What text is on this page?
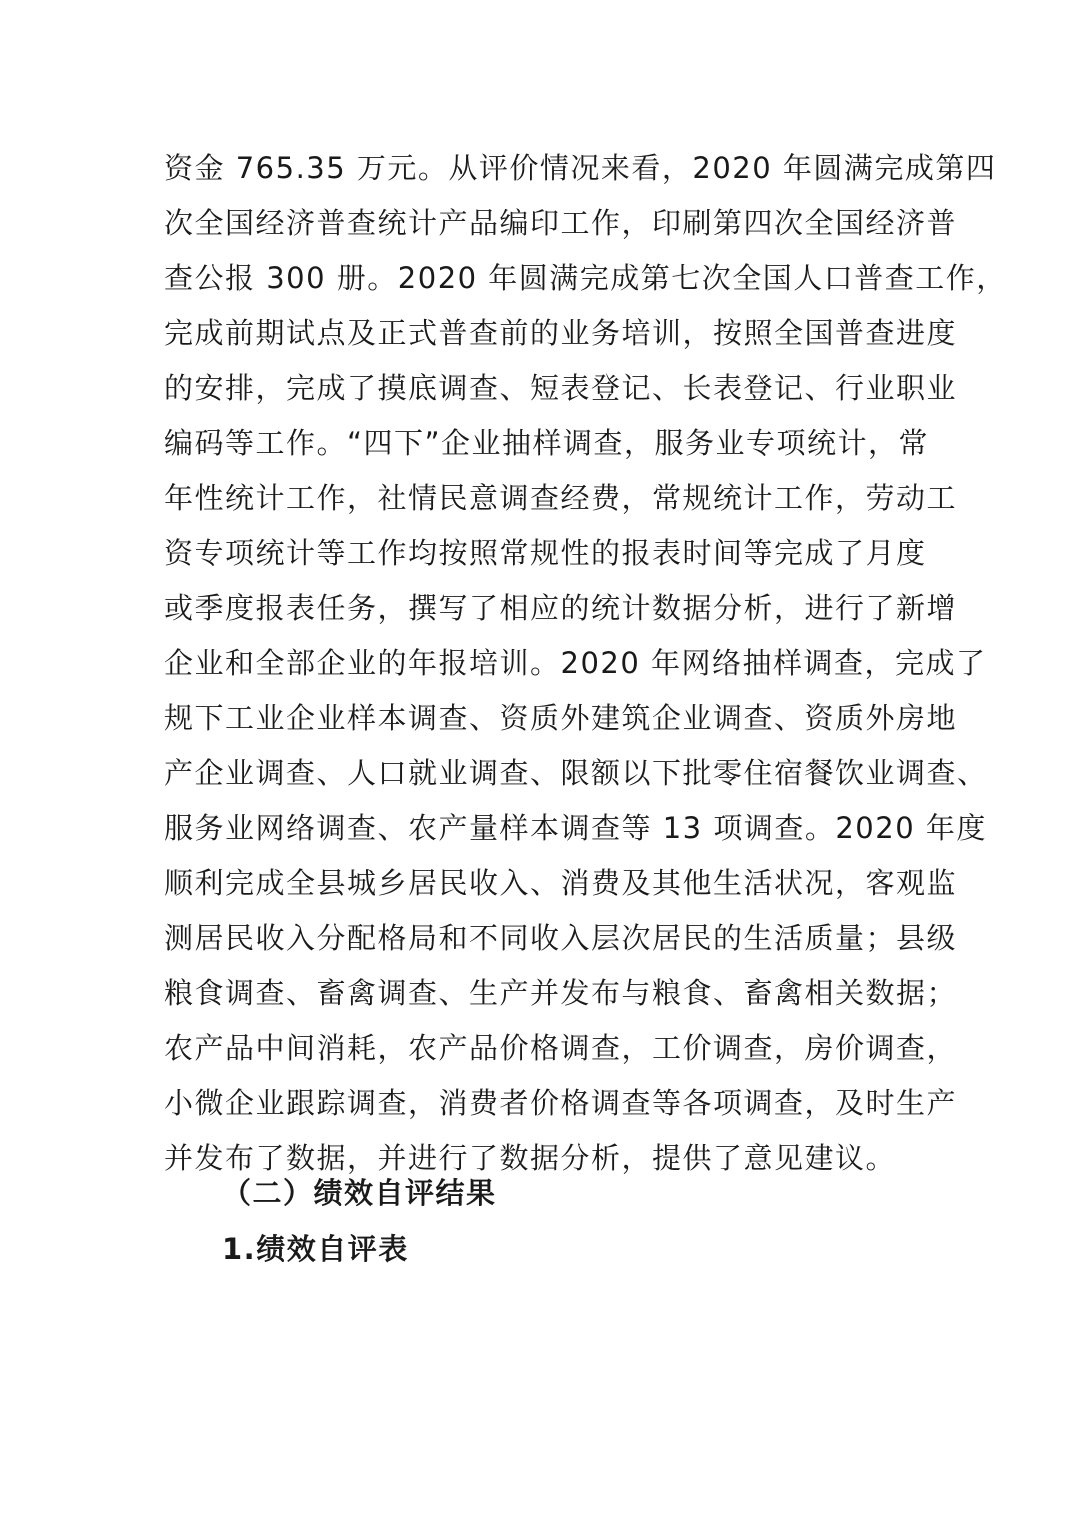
资金 765.35 万元。从评价情况来看，2020 年圆满完成第四
次全国经济普查统计产品编印工作，印刷第四次全国经济普
查公报 300 册。2020 年圆满完成第七次全国人口普查工作，
完成前期试点及正式普查前的业务培训，按照全国普查进度
的安排，完成了摸底调查、短表登记、长表登记、行业职业
编码等工作。“四下”企业抽样调查，服务业专项统计，常
年性统计工作，社情民意调查经费，常规统计工作，劳动工
资专项统计等工作均按照常规性的报表时间等完成了月度
或季度报表任务，撰写了相应的统计数据分析，进行了新增
企业和全部企业的年报培训。2020 年网络抽样调查，完成了
规下工业企业样本调查、资质外建筑企业调查、资质外房地
产企业调查、人口就业调查、限额以下批零住宿餐饮业调查、
服务业网络调查、农产量样本调查等 13 项调查。2020 年度
顺利完成全县城乡居民收入、消费及其他生活状况，客观监
测居民收入分配格局和不同收入层次居民的生活质量；县级
粮食调查、畜禽调查、生产并发布与粮食、畜禽相关数据；
农产品中间消耗，农产品价格调查，工价调查，房价调查，
小微企业跟踪调查，消费者价格调查等各项调查，及时生产
并发布了数据，并进行了数据分析，提供了意见建议。
（二）绩效自评结果
1.绩效自评表
